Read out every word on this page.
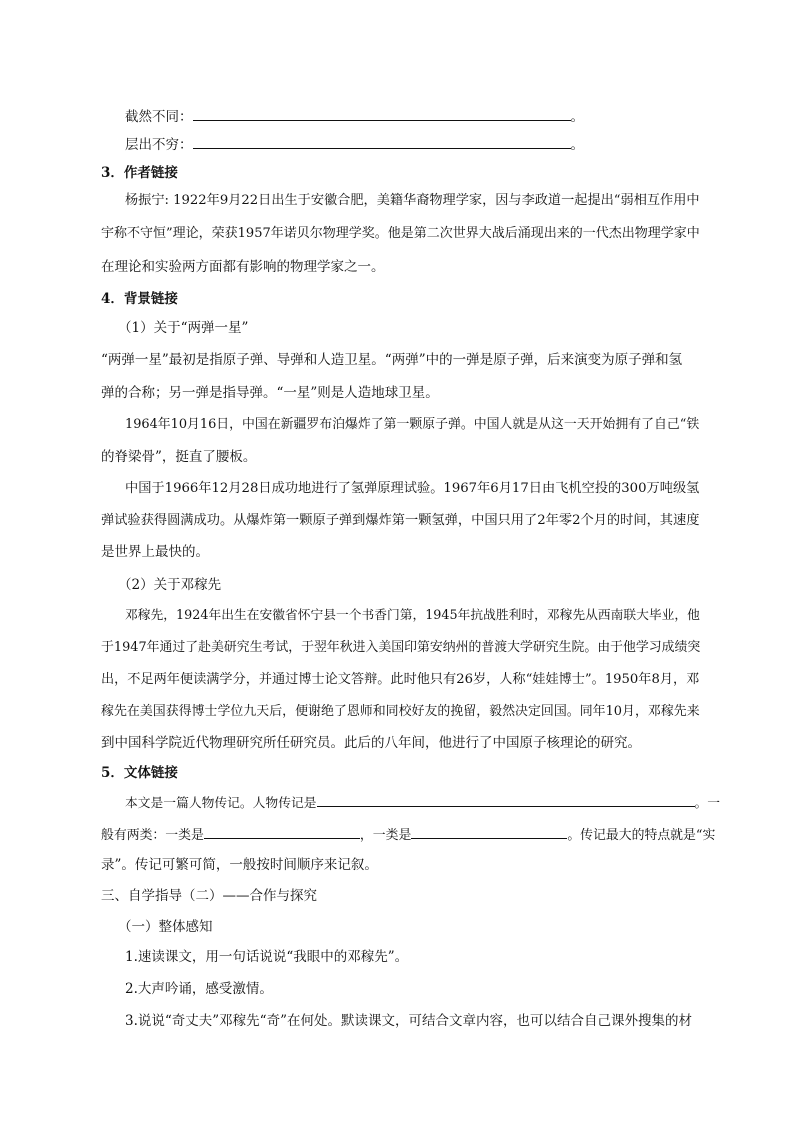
截然不同：	。
层出不穷：	。
3．作者链接
杨振宁: 1922年9月22日出生于安徽合肥，美籍华裔物理学家，因与李政道一起提出“弱相互作用中
宇称不守恒”理论，荣获1957年诺贝尔物理学奖。他是第二次世界大战后涌现出来的一代杰出物理学家中
在理论和实验两方面都有影响的物理学家之一。
4．背景链接
（1）关于“两弹一星”
“两弹一星”最初是指原子弹、导弹和人造卫星。“两弹”中的一弹是原子弹，后来演变为原子弹和氢
弹的合称；另一弹是指导弹。“一星”则是人造地球卫星。
1964年10月16日，中国在新疆罗布泊爆炸了第一颗原子弹。中国人就是从这一天开始拥有了自己“铁
的脊梁骨”，挺直了腰板。
中国于1966年12月28日成功地进行了氢弹原理试验。1967年6月17日由飞机空投的300万吨级氢
弹试验获得圆满成功。从爆炸第一颗原子弹到爆炸第一颗氢弹，中国只用了2年零2个月的时间，其速度
是世界上最快的。
（2）关于邓稼先
邓稼先，1924年出生在安徽省怀宁县一个书香门第，1945年抗战胜利时，邓稼先从西南联大毕业，他
于1947年通过了赴美研究生考试，于翌年秋进入美国印第安纳州的普渡大学研究生院。由于他学习成绩突
出，不足两年便读满学分，并通过博士论文答辩。此时他只有26岁，人称“娃娃博士”。1950年8月，邓
稼先在美国获得博士学位九天后，便谢绝了恩师和同校好友的挽留，毅然决定回国。同年10月，邓稼先来
到中国科学院近代物理研究所任研究员。此后的八年间，他进行了中国原子核理论的研究。
5．文体链接
本文是一篇人物传记。人物传记是	。一
般有两类：一类是	，一类是	。传记最大的特点就是“实
录”。传记可繁可简，一般按时间顺序来记叙。
三、自学指导（二）——合作与探究
（一）整体感知
1.速读课文，用一句话说说“我眼中的邓稼先”。
2.大声吟诵，感受激情。
3.说说“奇丈夫”邓稼先“奇”在何处。默读课文，可结合文章内容，也可以结合自己课外搜集的材
